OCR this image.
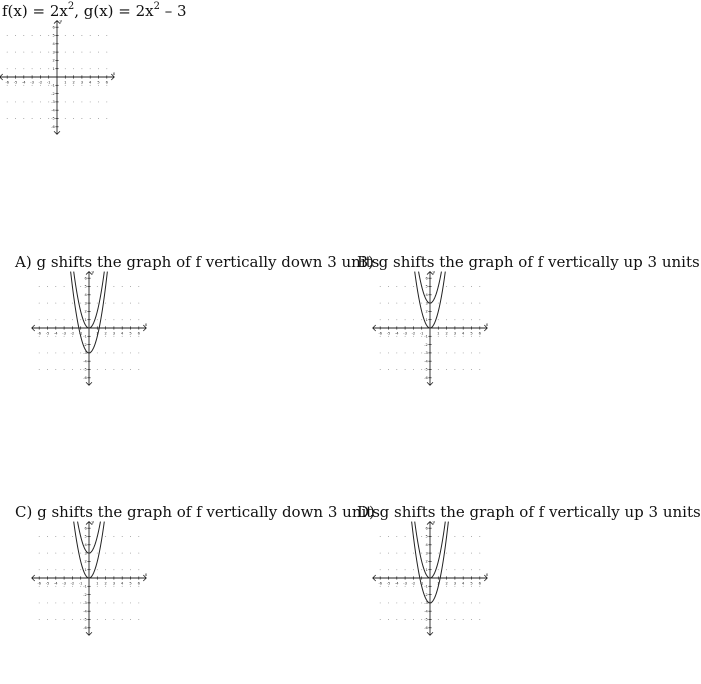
$f(x) = 2x^2$, $g(x) = 2x^2 - 3$
1
-1
1
-1
2
-2
2
-2
3
-3
3
-3
4
-4
4
-4
5
-5
5
-5
6
-6
6
-6
y
x
A) g shifts the graph of f vertically down 3 units
1
-1
1
-1
2
-2
2
-2
3
-3
3
-3
4
-4
4
-4
5
-5
5
-5
6
-6
6
-6
y
x
B) g shifts the graph of f vertically up 3 units
1
-1
1
-1
2
-2
2
-2
3
-3
3
-3
4
-4
4
-4
5
-5
5
-5
6
-6
6
-6
y
x
C) g shifts the graph of f vertically down 3 units
1
-1
1
-1
2
-2
2
-2
3
-3
3
-3
4
-4
4
-4
5
-5
5
-5
6
-6
6
-6
y
x
D) g shifts the graph of f vertically up 3 units
1
-1
1
-1
2
-2
2
-2
3
-3
3
-3
4
-4
4
-4
5
-5
5
-5
6
-6
6
-6
y
x
